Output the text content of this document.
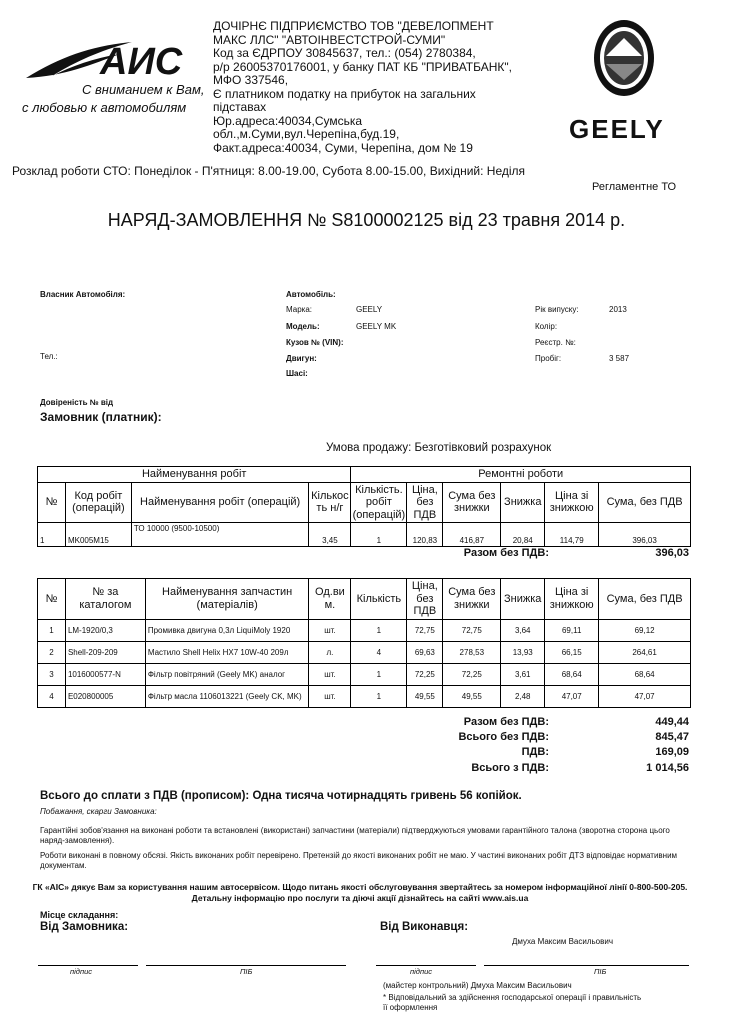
АИС
С вниманием к Вам,
с любовью к автомобилям
ДОЧІРНЄ ПІДПРИЄМСТВО ТОВ "ДЕВЕЛОПМЕНТ
МАКС ЛЛС" "АВТОІНВЕСТСТРОЙ-СУМИ"
Код за ЄДРПОУ 30845637, тел.: (054) 2780384,
р/р 26005370176001, у банку ПАТ КБ "ПРИВАТБАНК",
МФО 337546,
Є платником податку на прибуток на загальних
підставах
Юр.адреса:40034,Сумська
обл.,м.Суми,вул.Черепіна,буд.19,
Факт.адреса:40034, Суми, Черепіна, дом № 19
GEELY
Розклад роботи СТО: Понеділок - П'ятниця: 8.00-19.00, Субота 8.00-15.00, Вихідний: Неділя
Регламентне ТО
НАРЯД-ЗАМОВЛЕННЯ № S8100002125 від 23 травня 2014 р.
Власник Автомобіля:
Тел.:
Довіреність № від
Замовник (платник):
Автомобіль:
Марка:	GEELY
Модель:	GEELY MK
Кузов № (VIN):
Двигун:
Шасі:
Рік випуску:	2013
Колір:
Реєстр. №:
Пробіг:	3 587
Умова продажу: Безготівковий розрахунок
Найменування робіт				Ремонтні роботи					
№	Код робіт (операцій)	Найменування робіт (операцій)	Кількос ть н/г	Кількість. робіт (операцій)	Ціна, без ПДВ	Сума без знижки	Знижка	Ціна зі знижкою	Сума, без ПДВ
1	MK005M15	ТО 10000 (9500-10500)	3,45	1	120,83	416,87	20,84	114,79	396,03
Разом без ПДВ:	396,03
№	№ за каталогом	Найменування запчастин (матеріалів)	Од.ви м.	Кількість	Ціна, без ПДВ	Сума без знижки	Знижка	Ціна зі знижкою	Сума, без ПДВ
1	LM-1920/0,3	Промивка двигуна 0,3л LiquiMoly 1920	шт.	1	72,75	72,75	3,64	69,11	69,12
2	Shell-209-209	Мастило Shell Helix HX7 10W-40 209л	л.	4	69,63	278,53	13,93	66,15	264,61
3	1016000577-N	Фільтр повітряний (Geely MK) аналог	шт.	1	72,25	72,25	3,61	68,64	68,64
4	E020800005	Фільтр масла 1106013221 (Geely CK, MK)	шт.	1	49,55	49,55	2,48	47,07	47,07
Разом без ПДВ:	449,44
Всього без ПДВ:	845,47
ПДВ:	169,09
Всього з ПДВ:	1 014,56
Всього до сплати з ПДВ (прописом): Одна тисяча чотирнадцять гривень 56 копійок.
Побажання, скарги Замовника:
Гарантійні зобов'язання на виконані роботи та встановлені (використані) запчастини (матеріали) підтверджуються умовами гарантійного талона (зворотна сторона цього наряд-замовлення).
Роботи виконані в повному обсязі. Якість виконаних робіт перевірено. Претензій до якості виконаних робіт не маю. У частині виконаних робіт ДТЗ відповідає нормативним документам.
ГК «АІС» дякує Вам за користування нашим автосервісом. Щодо питань якості обслуговування звертайтесь за номером інформаційної лінії 0-800-500-205. Детальну інформацію про послуги та діючі акції дізнайтесь на сайті www.ais.ua
Місце складання:
Від Замовника:	Від Виконавця:
Дмуха Максим Васильович
підпис	ПІБ	підпис	ПІБ
(майстер контрольний) Дмуха Максим Васильович
* Відповідальний за здійснення господарської операції і правильність її оформлення
